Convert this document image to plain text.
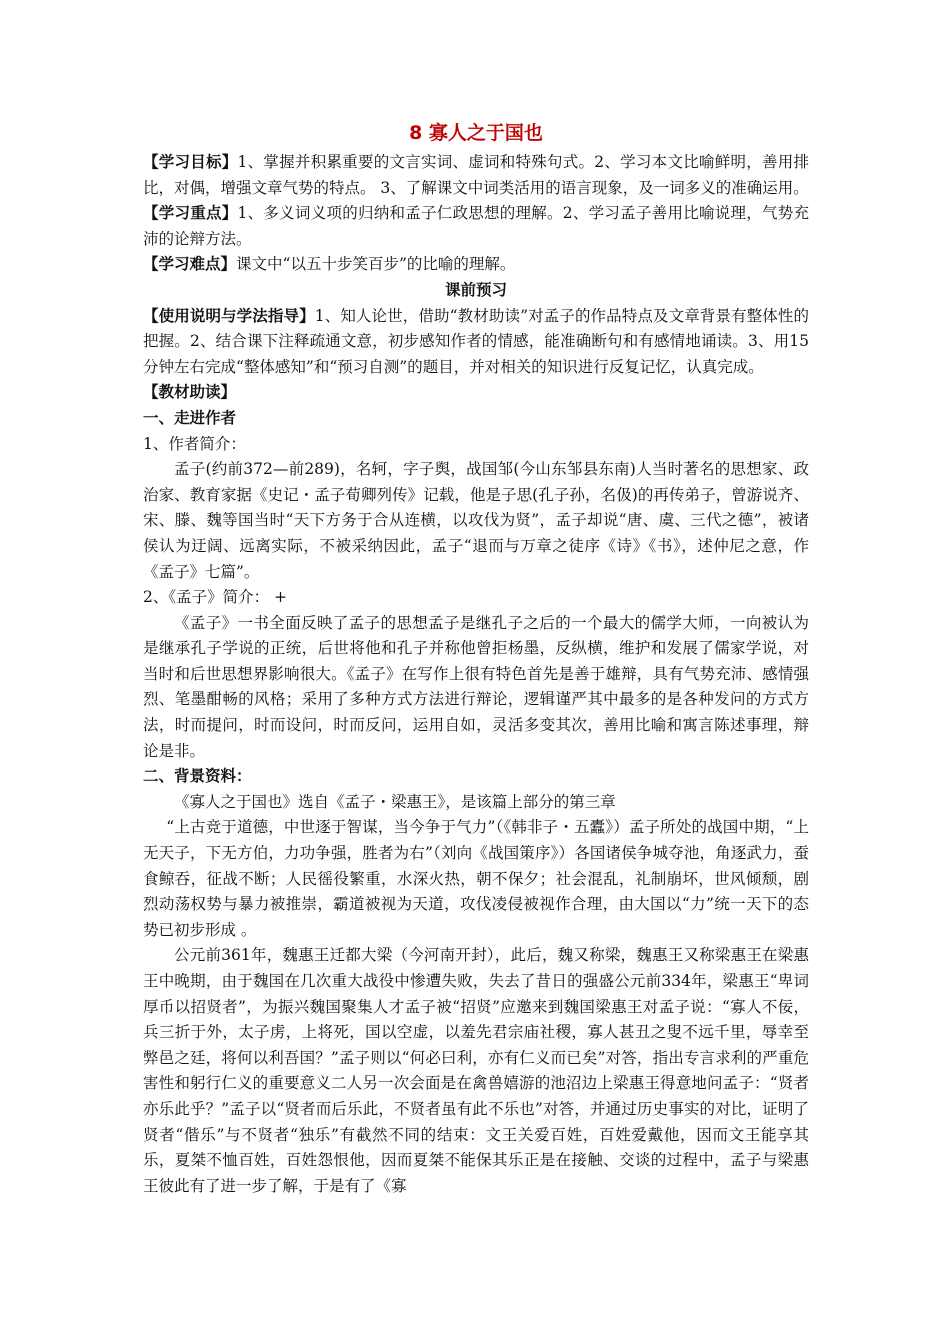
8 寡人之于国也

【学习目标】1、掌握并积累重要的文言实词、虚词和特殊句式。2、学习本文比喻鲜明，善用排比，对偶，增强文章气势的特点。 3、了解课文中词类活用的语言现象，及一词多义的准确运用。

【学习重点】1、多义词义项的归纳和孟子仁政思想的理解。2、学习孟子善用比喻说理，气势充沛的论辩方法。

【学习难点】课文中“以五十步笑百步”的比喻的理解。

课前预习

【使用说明与学法指导】1、知人论世，借助“教材助读”对孟子的作品特点及文章背景有整体性的把握。2、结合课下注释疏通文意，初步感知作者的情感，能准确断句和有感情地诵读。3、用15分钟左右完成“整体感知”和“预习自测”的题目，并对相关的知识进行反复记忆，认真完成。

【教材助读】

一、走进作者

1、作者简介：

孟子(约前372—前289)，名轲，字子舆，战国邹(今山东邹县东南)人当时著名的思想家、政治家、教育家据《史记・孟子荀卿列传》记载，他是子思(孔子孙，名伋)的再传弟子，曾游说齐、宋、滕、魏等国当时“天下方务于合从连横，以攻伐为贤”，孟子却说“唐、虞、三代之德”，被诸侯认为迂阔、远离实际，不被采纳因此，孟子“退而与万章之徒序《诗》《书》，述仲尼之意，作《孟子》七篇”。

2、《孟子》简介： +

《孟子》一书全面反映了孟子的思想孟子是继孔子之后的一个最大的儒学大师，一向被认为是继承孔子学说的正统，后世将他和孔子并称他曾拒杨墨，反纵横，维护和发展了儒家学说，对当时和后世思想界影响很大。《孟子》在写作上很有特色首先是善于雄辩，具有气势充沛、感情强烈、笔墨酣畅的风格；采用了多种方式方法进行辩论，逻辑谨严其中最多的是各种发问的方式方法，时而提问，时而设问，时而反问，运用自如，灵活多变其次，善用比喻和寓言陈述事理，辩论是非。

二、背景资料：

《寡人之于国也》选自《孟子・梁惠王》，是该篇上部分的第三章

“上古竞于道德，中世逐于智谋，当今争于气力”（《韩非子・五蠹》）孟子所处的战国中期，“上无天子，下无方伯，力功争强，胜者为右”（刘向《战国策序》）各国诸侯争城夺池，角逐武力，蚕食鲸吞，征战不断；人民徭役繁重，水深火热，朝不保夕；社会混乱，礼制崩坏，世风倾颓，剧烈动荡权势与暴力被推崇，霸道被视为天道，攻伐凌侵被视作合理，由大国以“力”统一天下的态势已初步形成 。

公元前361年，魏惠王迁都大梁（今河南开封），此后，魏又称梁，魏惠王又称梁惠王在梁惠王中晚期，由于魏国在几次重大战役中惨遭失败，失去了昔日的强盛公元前334年，梁惠王“卑词厚币以招贤者”，为振兴魏国聚集人才孟子被“招贤”应邀来到魏国梁惠王对孟子说：“寡人不佞，兵三折于外，太子虏，上将死，国以空虚，以羞先君宗庙社稷，寡人甚丑之叟不远千里，辱幸至弊邑之廷，将何以利吾国？”孟子则以“何必曰利，亦有仁义而已矣”对答，指出专言求利的严重危害性和躬行仁义的重要意义二人另一次会面是在禽兽嬉游的池沼边上梁惠王得意地问孟子：“贤者亦乐此乎？”孟子以“贤者而后乐此，不贤者虽有此不乐也”对答，并通过历史事实的对比，证明了贤者“偕乐”与不贤者“独乐”有截然不同的结束：文王关爱百姓，百姓爱戴他，因而文王能享其乐，夏桀不恤百姓，百姓怨恨他，因而夏桀不能保其乐正是在接触、交谈的过程中，孟子与梁惠王彼此有了进一步了解，于是有了《寡
